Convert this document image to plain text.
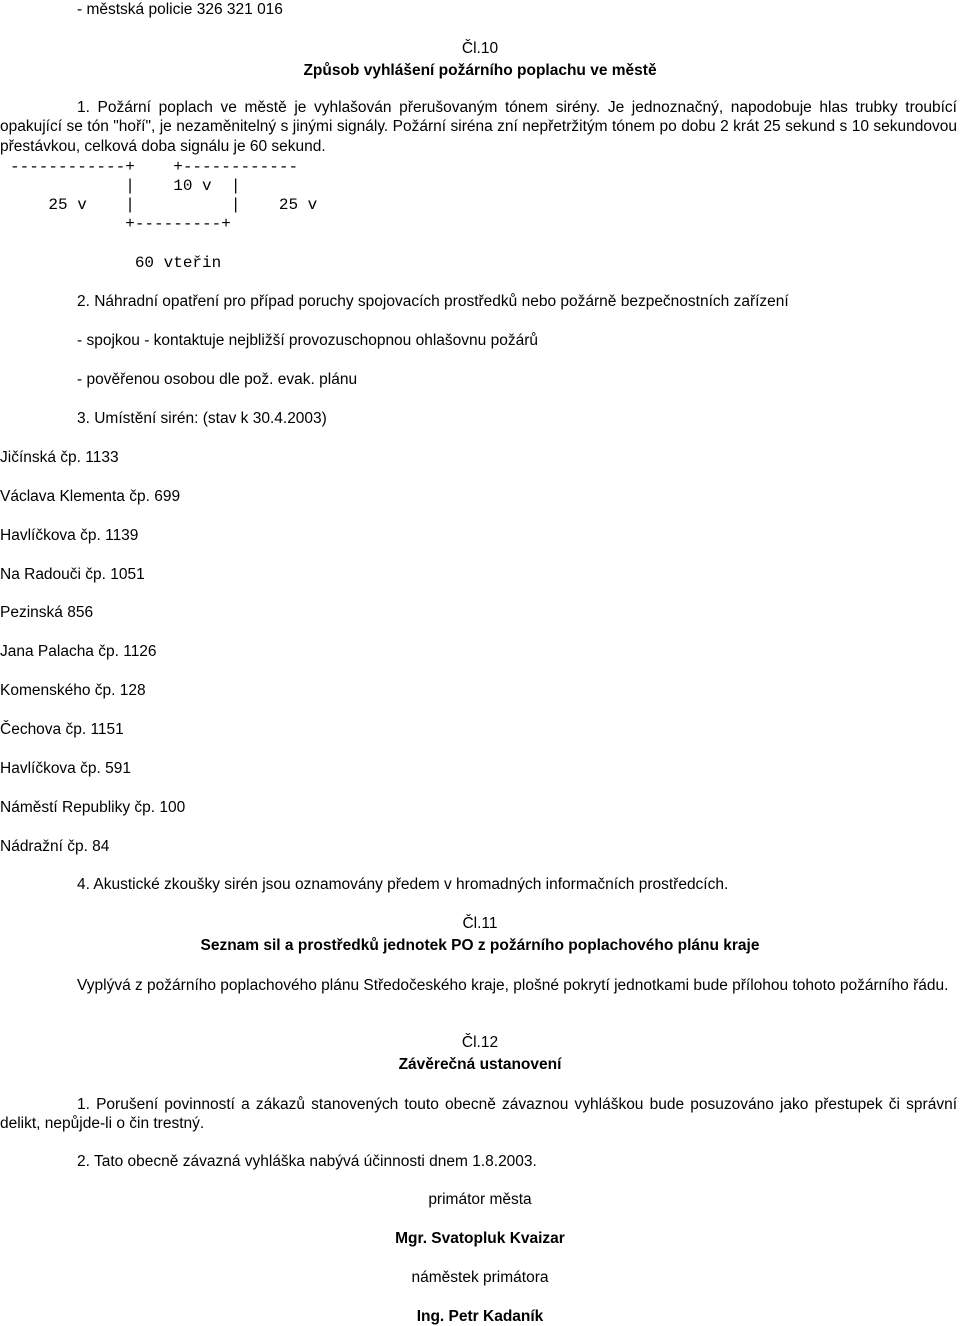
- městská policie 326 321 016
Čl.10
Způsob vyhlášení požárního poplachu ve městě
1. Požární poplach ve městě je vyhlašován přerušovaným tónem sirény. Je jednoznačný, napodobuje hlas trubky troubící opakující se tón "hoří", je nezaměnitelný s jinými signály. Požární siréna zní nepřetržitým tónem po dobu 2 krát 25 sekund s 10 sekundovou přestávkou, celková doba signálu je 60 sekund.
------------+    +------------
|    10 v  |
25 v    |          |    25 v
+---------+
60 vteřin
2. Náhradní opatření pro případ poruchy spojovacích prostředků nebo požárně bezpečnostních zařízení
- spojkou - kontaktuje nejbližší provozuschopnou ohlašovnu požárů
- pověřenou osobou dle pož. evak. plánu
3. Umístění sirén: (stav k 30.4.2003)
Jičínská čp. 1133
Václava Klementa čp. 699
Havlíčkova čp. 1139
Na Radouči čp. 1051
Pezinská 856
Jana Palacha čp. 1126
Komenského čp. 128
Čechova čp. 1151
Havlíčkova čp. 591
Náměstí Republiky čp. 100
Nádražní čp. 84
4. Akustické zkoušky sirén jsou oznamovány předem v hromadných informačních prostředcích.
Čl.11
Seznam sil a prostředků jednotek PO z požárního poplachového plánu kraje
Vyplývá z požárního poplachového plánu Středočeského kraje, plošné pokrytí jednotkami bude přílohou tohoto požárního řádu.
Čl.12
Závěrečná ustanovení
1. Porušení povinností a zákazů stanovených touto obecně závaznou vyhláškou bude posuzováno jako přestupek či správní delikt, nepůjde-li o čin trestný.
2. Tato obecně závazná vyhláška nabývá účinnosti dnem 1.8.2003.
primátor města
Mgr. Svatopluk Kvaizar
náměstek primátora
Ing. Petr Kadaník
